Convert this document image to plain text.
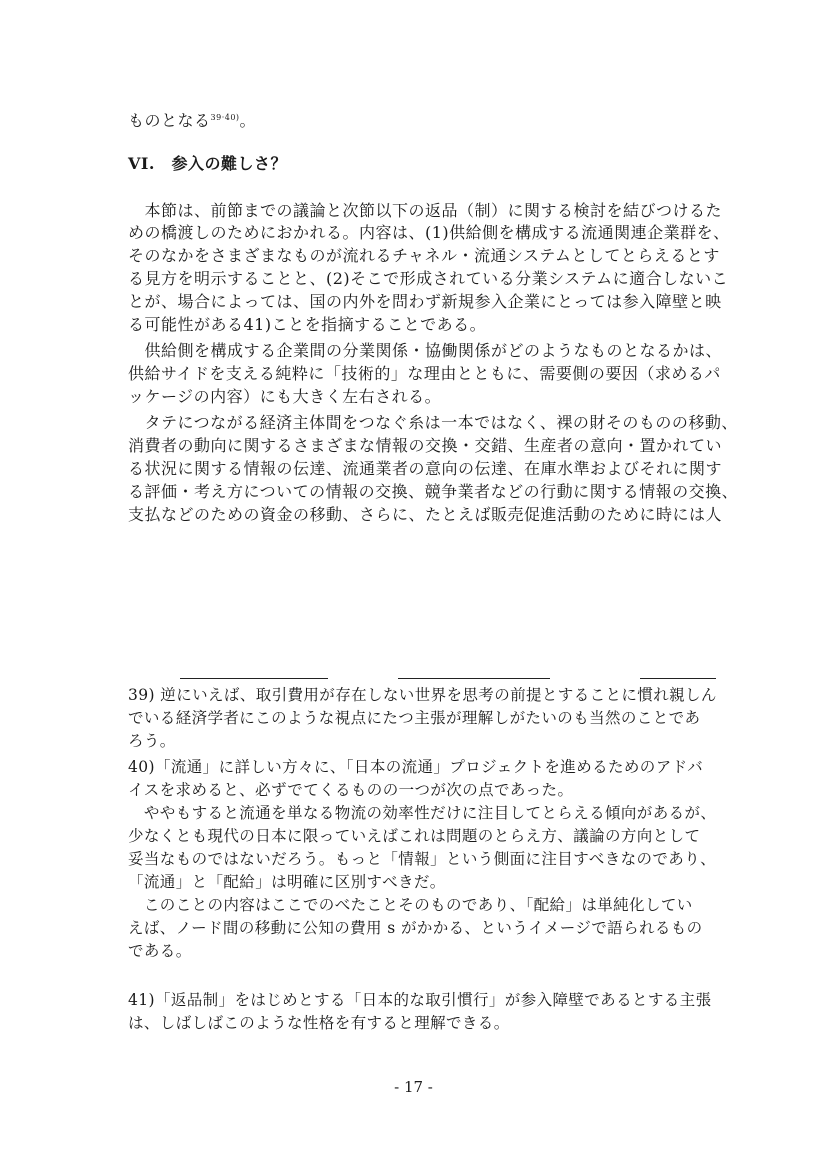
ものとなる$^{39\cdot 40)}$。

VI.　 参入の難しさ？

　本節は、前節までの議論と次節以下の返品（制）に関する検討を結びつけるた

めの橋渡しのためにおかれる。内容は、(1)供給側を構成する流通関連企業群を、

そのなかをさまざまなものが流れるチャネル・流通システムとしてとらえるとす

る見方を明示することと、(2)そこで形成されている分業システムに適合しないこ

とが、場合によっては、国の内外を問わず新規参入企業にとっては参入障壁と映

る可能性がある41)ことを指摘することである。

　供給側を構成する企業間の分業関係・協働関係がどのようなものとなるかは、

供給サイドを支える純粋に「技術的」な理由とともに、需要側の要因（求めるパ

ッケージの内容）にも大きく左右される。

　タテにつながる経済主体間をつなぐ糸は一本ではなく、裸の財そのものの移動、

消費者の動向に関するさまざまな情報の交換・交錯、生産者の意向・置かれてい

る状況に関する情報の伝達、流通業者の意向の伝達、在庫水準およびそれに関す

る評価・考え方についての情報の交換、競争業者などの行動に関する情報の交換、

支払などのための資金の移動、さらに、たとえば販売促進活動のために時には人

39) 逆にいえば、取引費用が存在しない世界を思考の前提とすることに慣れ親しん

でいる経済学者にこのような視点にたつ主張が理解しがたいのも当然のことであ

ろう。

40)「流通」に詳しい方々に、「日本の流通」プロジェクトを進めるためのアドバ

イスを求めると、必ずでてくるものの一つが次の点であった。

　ややもすると流通を単なる物流の効率性だけに注目してとらえる傾向があるが、

少なくとも現代の日本に限っていえばこれは問題のとらえ方、議論の方向として

妥当なものではないだろう。もっと「情報」という側面に注目すべきなのであり、

「流通」と「配給」は明確に区別すべきだ。

　このことの内容はここでのべたことそのものであり、「配給」は単純化してい

えば、ノード間の移動に公知の費用 s がかかる、というイメージで語られるもの

である。

41)「返品制」をはじめとする「日本的な取引慣行」が参入障壁であるとする主張

は、しばしばこのような性格を有すると理解できる。

- 17 -
